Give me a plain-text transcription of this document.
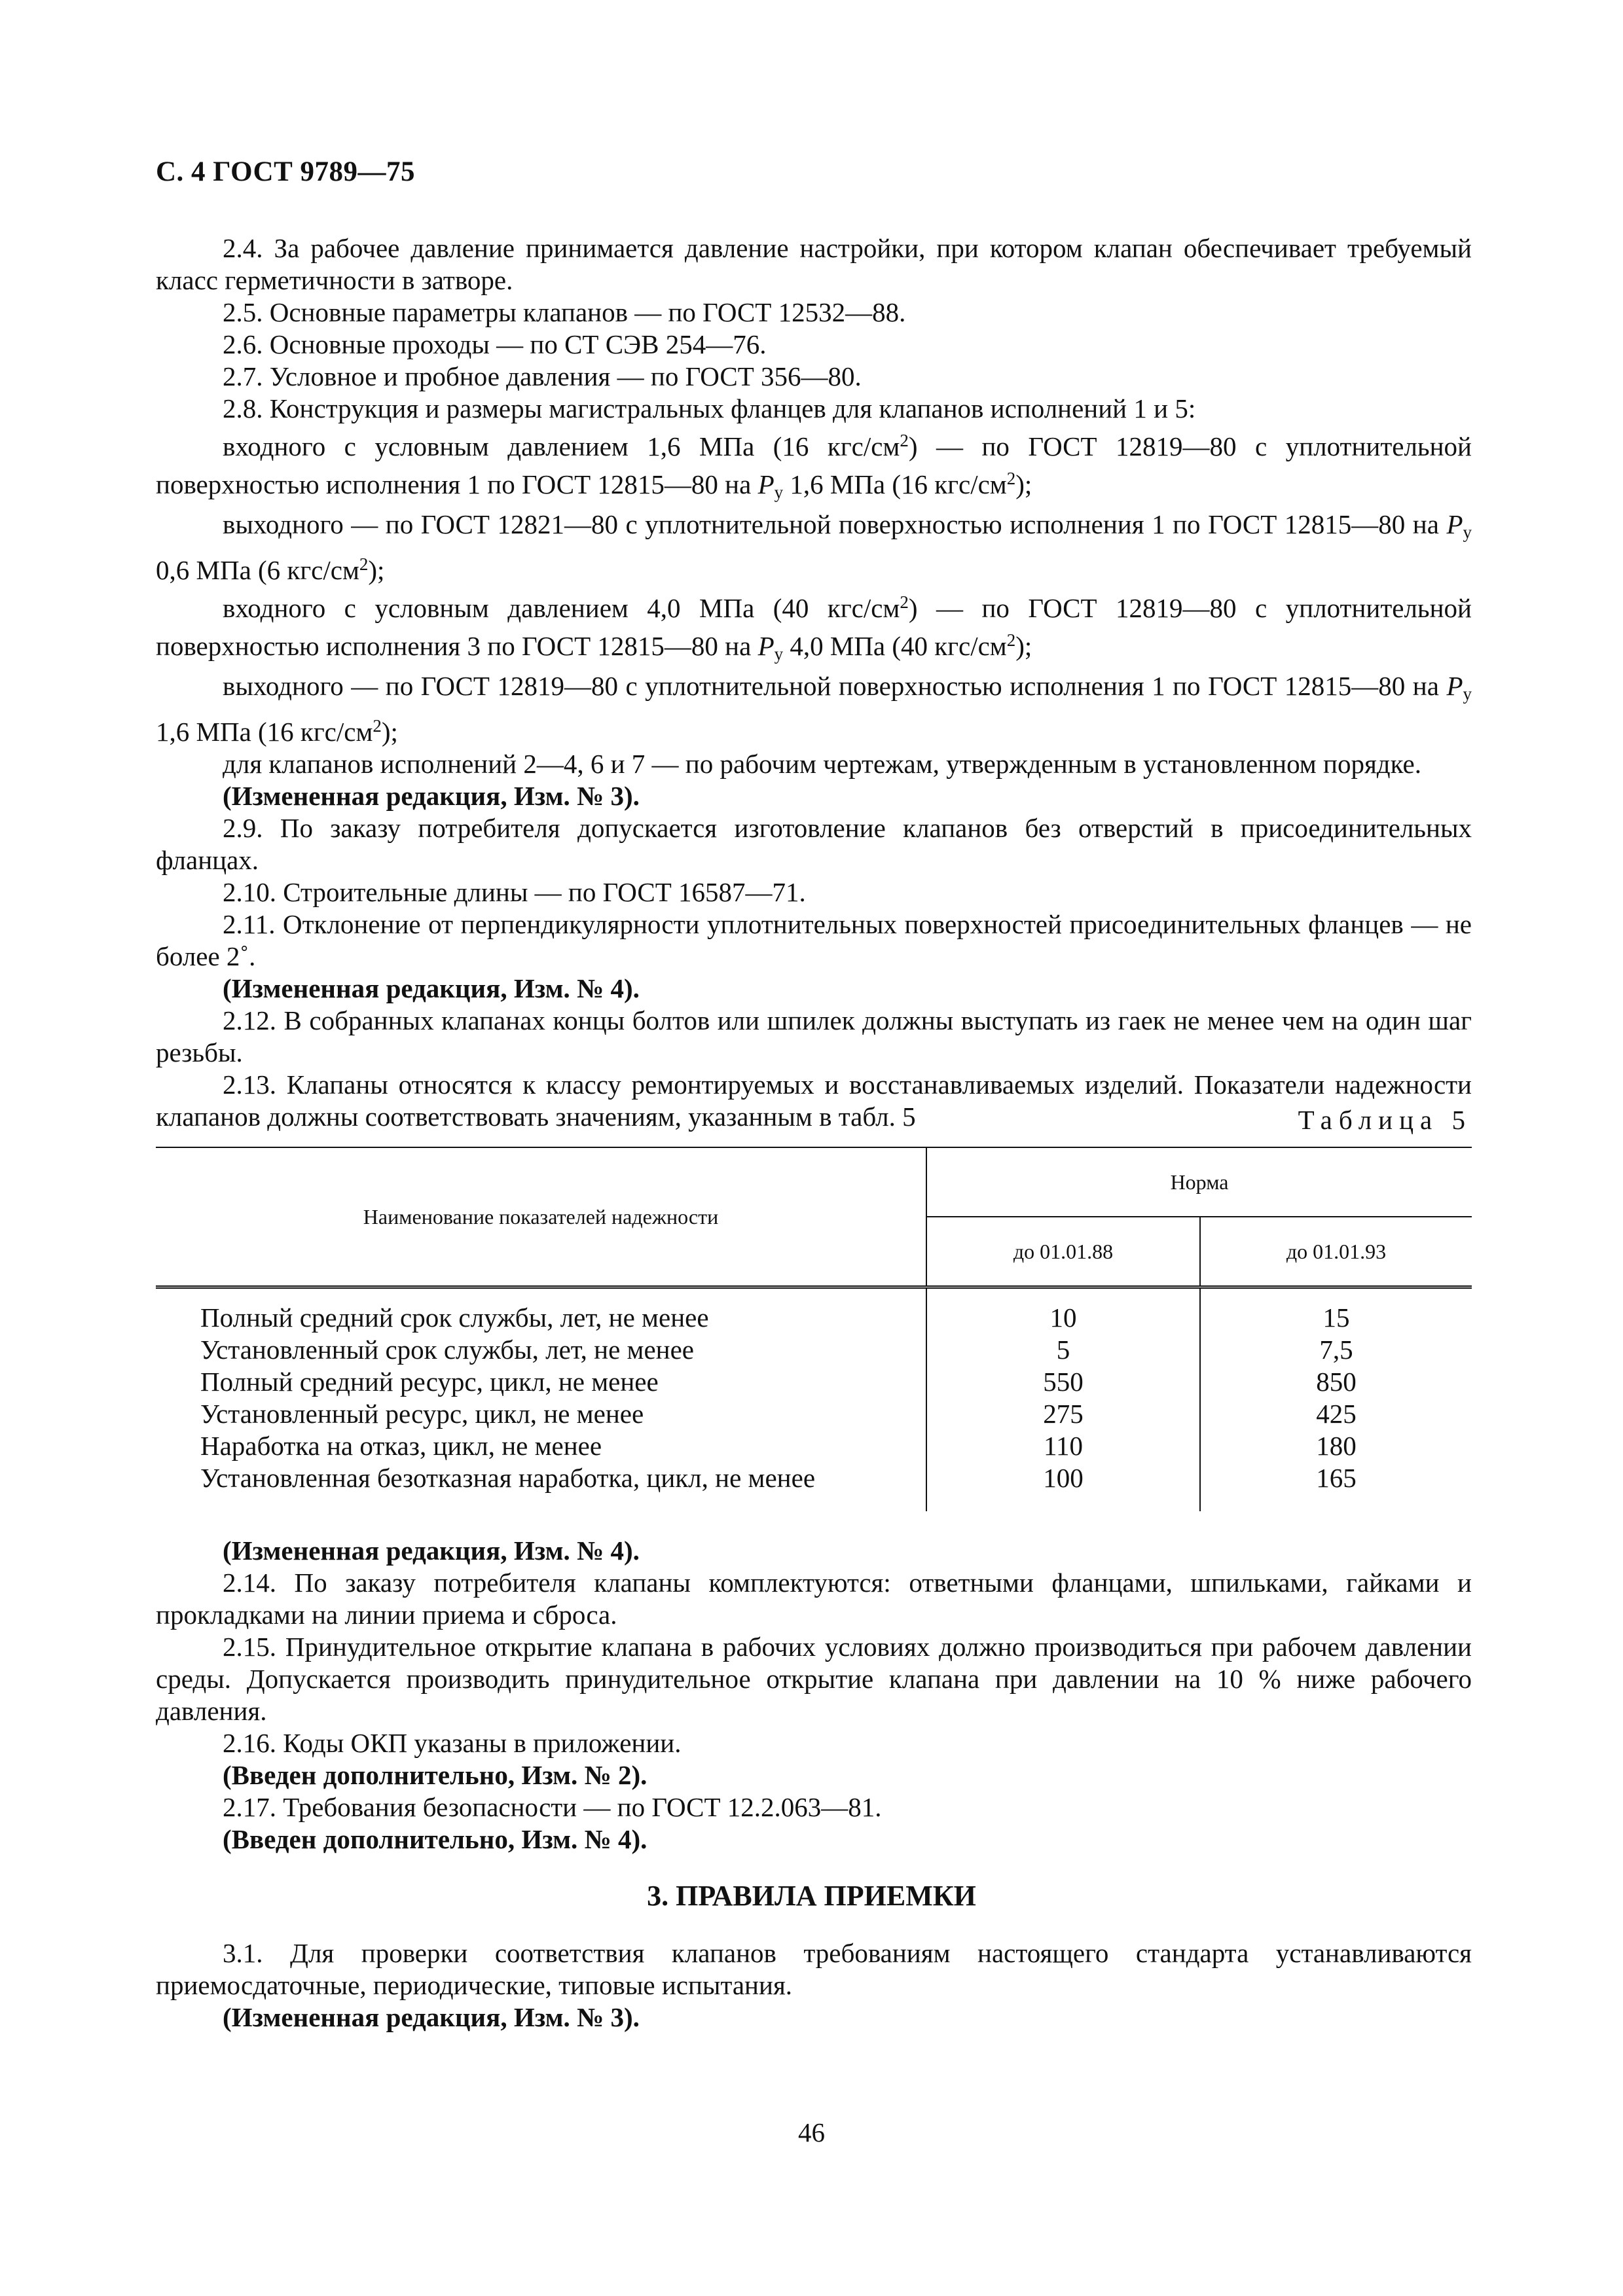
С. 4 ГОСТ 9789—75

2.4. За рабочее давление принимается давление настройки, при котором клапан обеспечивает требуемый класс герметичности в затворе.

2.5. Основные параметры клапанов — по ГОСТ 12532—88.

2.6. Основные проходы — по СТ СЭВ 254—76.

2.7. Условное и пробное давления — по ГОСТ 356—80.

2.8. Конструкция и размеры магистральных фланцев для клапанов исполнений 1 и 5:

входного с условным давлением 1,6 МПа (16 кгс/$см^2$) — по ГОСТ 12819—80 с уплотнительной поверхностью исполнения 1 по ГОСТ 12815—80 на $P_у$ 1,6 МПа (16 кгс/$см^2$);

выходного — по ГОСТ 12821—80 с уплотнительной поверхностью исполнения 1 по ГОСТ 12815—80 на $P_у$ 0,6 МПа (6 кгс/$см^2$);

входного с условным давлением 4,0 МПа (40 кгс/$см^2$) — по ГОСТ 12819—80 с уплотнительной поверхностью исполнения 3 по ГОСТ 12815—80 на $P_у$ 4,0 МПа (40 кгс/$см^2$);

выходного — по ГОСТ 12819—80 с уплотнительной поверхностью исполнения 1 по ГОСТ 12815—80 на $P_у$ 1,6 МПа (16 кгс/$см^2$);

для клапанов исполнений 2—4, 6 и 7 — по рабочим чертежам, утвержденным в установленном порядке.

(Измененная редакция, Изм. № 3).

2.9. По заказу потребителя допускается изготовление клапанов без отверстий в присоединительных фланцах.

2.10. Строительные длины — по ГОСТ 16587—71.

2.11. Отклонение от перпендикулярности уплотнительных поверхностей присоединительных фланцев — не более 2˚.

(Измененная редакция, Изм. № 4).

2.12. В собранных клапанах концы болтов или шпилек должны выступать из гаек не менее чем на один шаг резьбы.

2.13. Клапаны относятся к классу ремонтируемых и восстанавливаемых изделий. Показатели надежности клапанов должны соответствовать значениям, указанным в табл. 5	Таблица 5
Наименование показателей надежности	Норма	
	до 01.01.88	до 01.01.93
Полный средний срок службы, лет, не менее	10	15
Установленный срок службы, лет, не менее	5	7,5
Полный средний ресурс, цикл, не менее	550	850
Установленный ресурс, цикл, не менее	275	425
Наработка на отказ, цикл, не менее	110	180
Установленная безотказная наработка, цикл, не менее	100	165

(Измененная редакция, Изм. № 4).

2.14. По заказу потребителя клапаны комплектуются: ответными фланцами, шпильками, гайками и прокладками на линии приема и сброса.

2.15. Принудительное открытие клапана в рабочих условиях должно производиться при рабочем давлении среды. Допускается производить принудительное открытие клапана при давлении на 10 % ниже рабочего давления.

2.16. Коды ОКП указаны в приложении.

(Введен дополнительно, Изм. № 2).

2.17. Требования безопасности — по ГОСТ 12.2.063—81.

(Введен дополнительно, Изм. № 4).

3. ПРАВИЛА ПРИЕМКИ

3.1. Для проверки соответствия клапанов требованиям настоящего стандарта устанавливаются приемосдаточные, периодические, типовые испытания.

(Измененная редакция, Изм. № 3).

46
